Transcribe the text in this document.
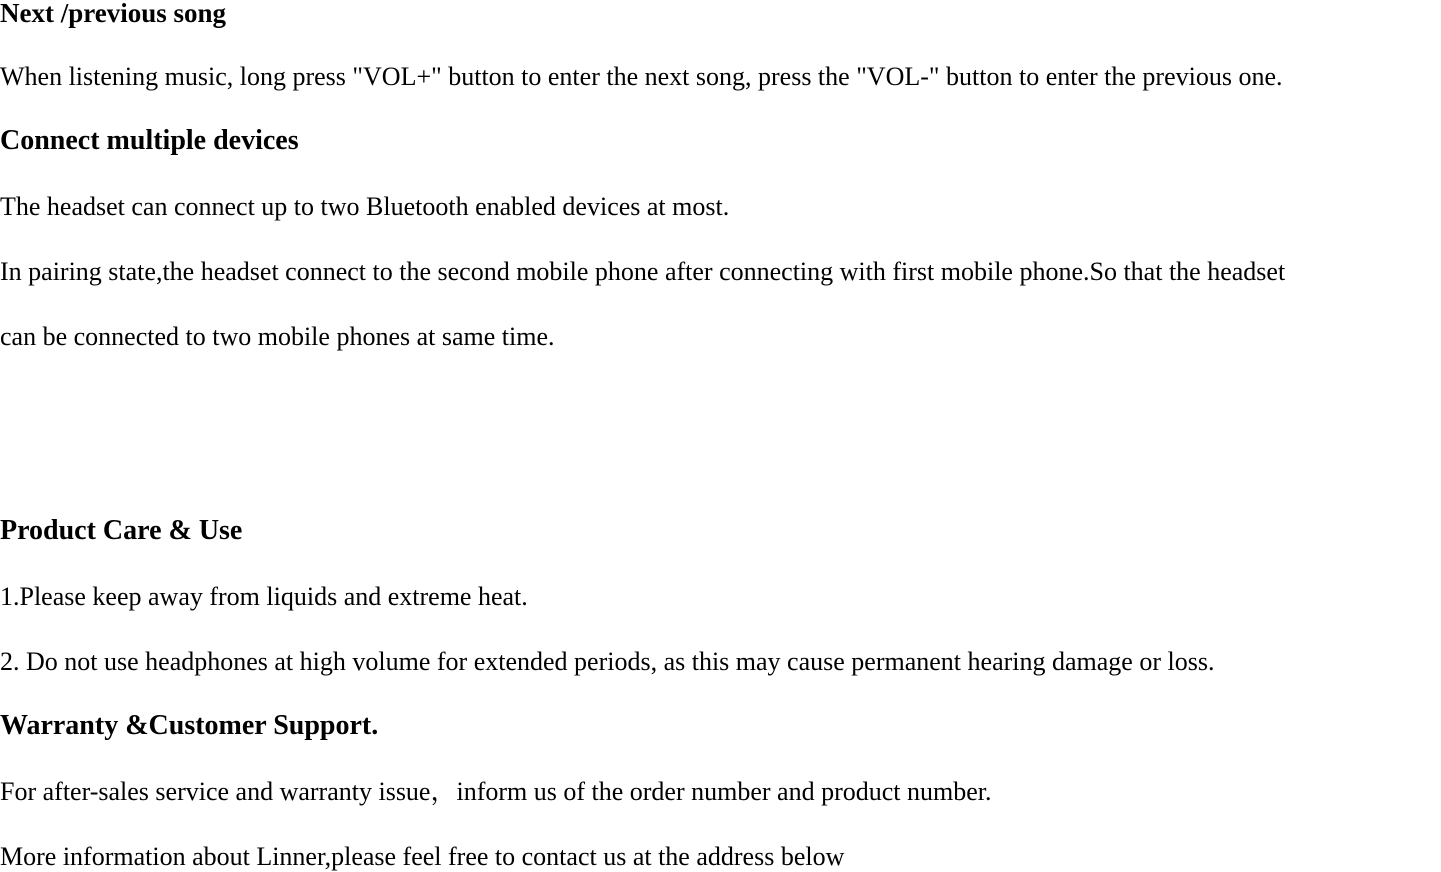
Next /previous song

When listening music, long press "VOL+" button to enter the next song, press the "VOL-" button to enter the previous one.

Connect multiple devices

The headset can connect up to two Bluetooth enabled devices at most.

In pairing state,the headset connect to the second mobile phone after connecting with first mobile phone.So that the headset

can be connected to two mobile phones at same time.

Product Care & Use

1.Please keep away from liquids and extreme heat.

2. Do not use headphones at high volume for extended periods, as this may cause permanent hearing damage or loss.

Warranty &Customer Support.

For after-sales service and warranty issue，inform us of the order number and product number.

More information about Linner,please feel free to contact us at the address below
